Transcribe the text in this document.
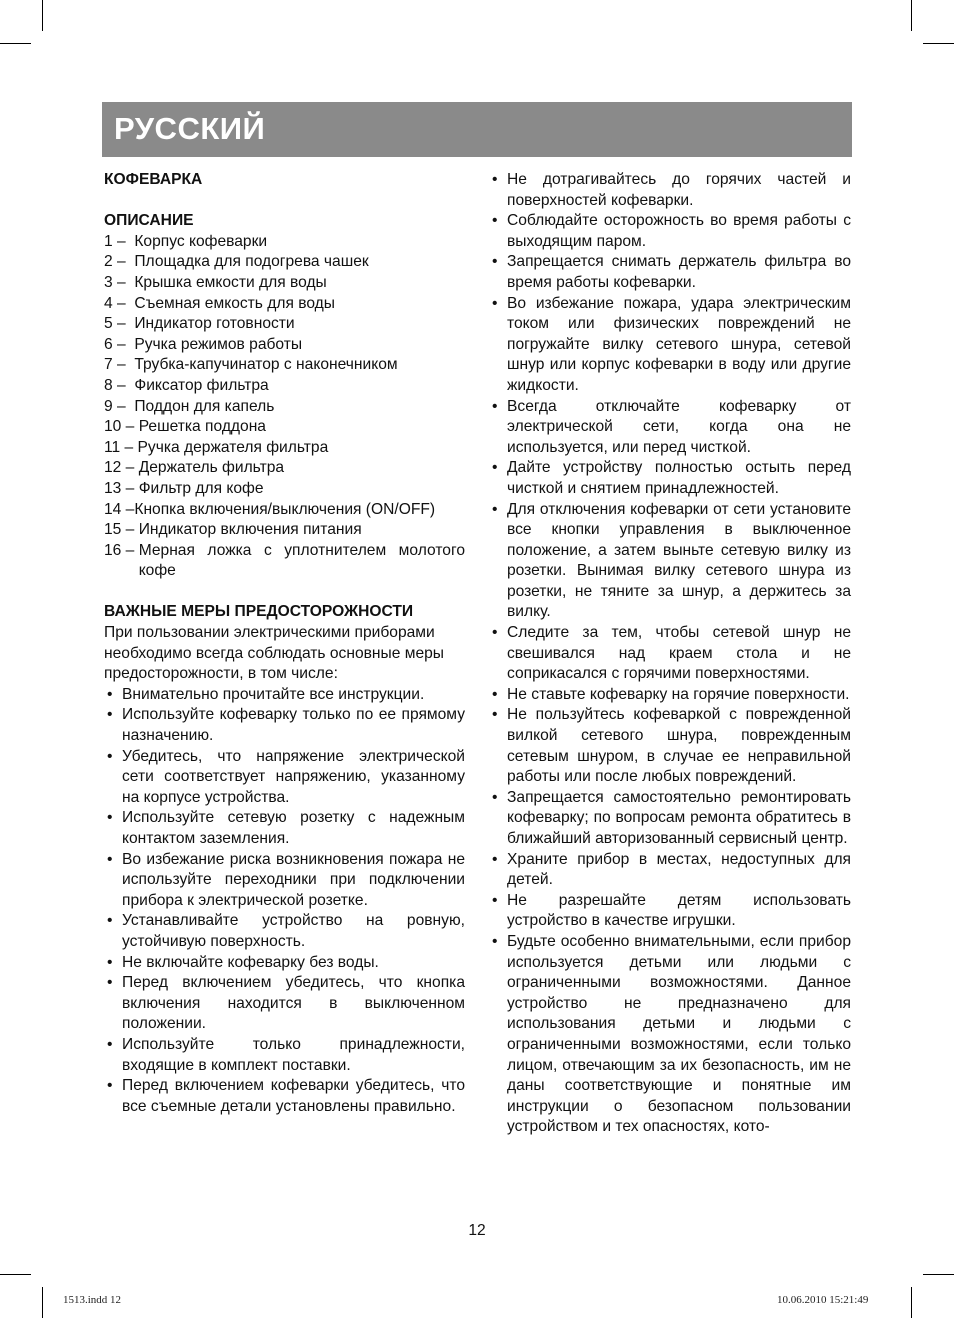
РУССКИЙ

КОФЕВАРКА

ОПИСАНИЕ

1 – Корпус кофеварки
2 – Площадка для подогрева чашек
3 – Крышка емкости для воды
4 – Съемная емкость для воды
5 – Индикатор готовности
6 – Ручка режимов работы
7 – Трубка-капучинатор с наконечником
8 – Фиксатор фильтра
9 – Поддон для капель
10 – Решетка поддона
11 – Ручка держателя фильтра
12 – Держатель фильтра
13 – Фильтр для кофе
14 – Кнопка включения/выключения (ON/OFF)
15 – Индикатор включения питания
16 – Мерная ложка с уплотнителем молотого кофе

ВАЖНЫЕ МЕРЫ ПРЕДОСТОРОЖНОСТИ

При пользовании электрическими приборами необходимо всегда соблюдать основные меры

предосторожности, в том числе:

• Внимательно прочитайте все инструкции.
• Используйте кофеварку только по ее прямому назначению.
• Убедитесь, что напряжение электрической сети соответствует напряжению, указанному на корпусе устройства.
• Используйте сетевую розетку с надежным контактом заземления.
• Во избежание риска возникновения пожара не используйте переходники при подключении прибора к электрической розетке.
• Устанавливайте устройство на ровную, устойчивую поверхность.
• Не включайте кофеварку без воды.
• Перед включением убедитесь, что кнопка включения находится в выключенном положении.
• Используйте только принадлежности, входящие в комплект поставки.
• Перед включением кофеварки убедитесь, что все съемные детали установлены правильно.
• Не дотрагивайтесь до горячих частей и поверхностей кофеварки.
• Соблюдайте осторожность во время работы с выходящим паром.
• Запрещается снимать держатель фильтра во время работы кофеварки.
• Во избежание пожара, удара электрическим током или физических повреждений не погружайте вилку сетевого шнура, сетевой шнур или корпус кофеварки в воду или другие жидкости.
• Всегда отключайте кофеварку от электрической сети, когда она не используется, или перед чисткой.
• Дайте устройству полностью остыть перед чисткой и снятием принадлежностей.
• Для отключения кофеварки от сети установите все кнопки управления в выключенное положение, а затем выньте сетевую вилку из розетки. Вынимая вилку сетевого шнура из розетки, не тяните за шнур, а держитесь за вилку.
• Следите за тем, чтобы сетевой шнур не свешивался над краем стола и не соприкасался с горячими поверхностями.
• Не ставьте кофеварку на горячие поверхности.
• Не пользуйтесь кофеваркой с поврежденной вилкой сетевого шнура, поврежденным сетевым шнуром, в случае ее неправильной работы или после любых повреждений.
• Запрещается самостоятельно ремонтировать кофеварку; по вопросам ремонта обратитесь в ближайший авторизованный сервисный центр.
• Храните прибор в местах, недоступных для детей.
• Не разрешайте детям использовать устройство в качестве игрушки.
• Будьте особенно внимательными, если прибор используется детьми или людьми с ограниченными возможностями. Данное устройство не предназначено для использования детьми и людьми с ограниченными возможностями, если только лицом, отвечающим за их безопасность, им не даны соответствующие и понятные им инструкции о безопасном пользовании устройством и тех опасностях, кото-
12
1513.indd 12	10.06.2010 15:21:49
